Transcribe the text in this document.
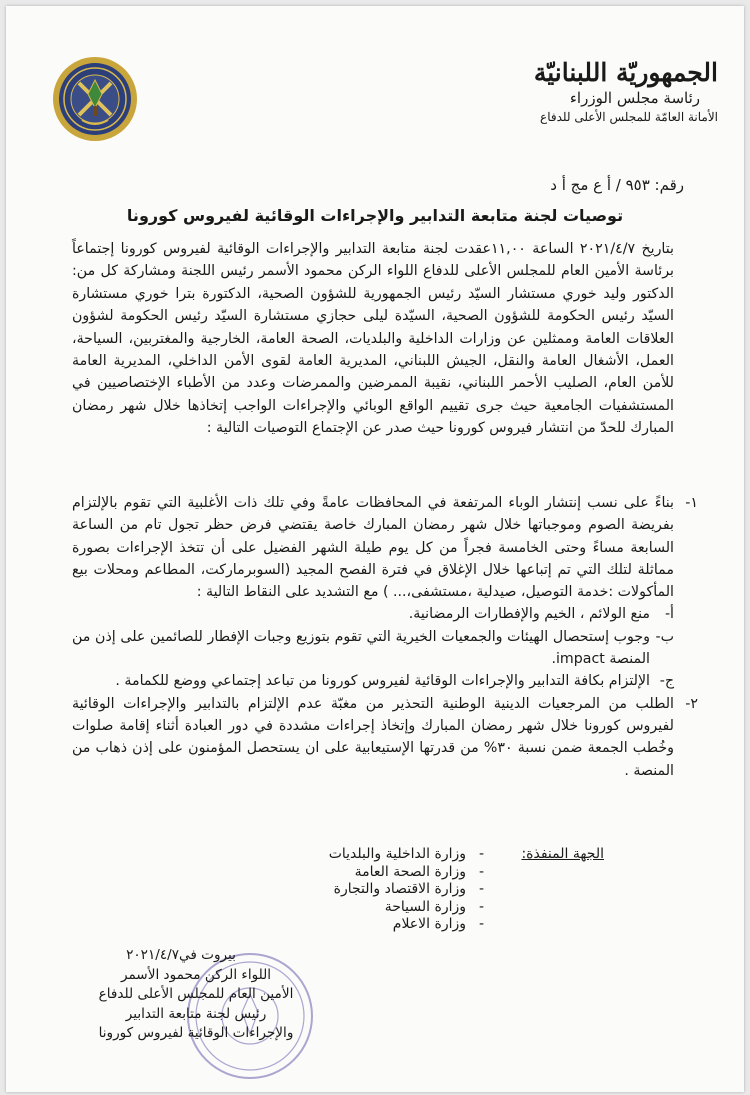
الجمهوريّة اللبنانيّة
رئاسة مجلس الوزراء
الأمانة العامّة للمجلس الأعلى للدفاع
رقم: ٩٥٣ / أ ع مج أ د
توصيات لجنة متابعة التدابير والإجراءات الوقائية لفيروس كورونا
بتاريخ ٢٠٢١/٤/٧ الساعة ١١,٠٠عقدت لجنة متابعة التدابير والإجراءات الوقائية لفيروس كورونا إجتماعاً برئاسة الأمين العام للمجلس الأعلى للدفاع اللواء الركن محمود الأسمر رئيس اللجنة ومشاركة كل من: الدكتور وليد خوري مستشار السيّد رئيس الجمهورية للشؤون الصحية، الدكتورة بترا خوري مستشارة السيّد رئيس الحكومة للشؤون الصحية، السيّدة ليلى حجازي مستشارة السيّد رئيس الحكومة لشؤون العلاقات العامة وممثلين عن وزارات الداخلية والبلديات، الصحة العامة، الخارجية والمغتربين، السياحة، العمل، الأشغال العامة والنقل، الجيش اللبناني، المديرية العامة لقوى الأمن الداخلي، المديرية العامة للأمن العام، الصليب الأحمر اللبناني، نقيبة الممرضين والممرضات وعدد من الأطباء الإختصاصيين في المستشفيات الجامعية حيث جرى تقييم الواقع الوبائي والإجراءات الواجب إتخاذها خلال شهر رمضان المبارك للحدّ من انتشار فيروس كورونا حيث صدر عن الإجتماع التوصيات التالية :
١-
بناءً على نسب إنتشار الوباء المرتفعة في المحافظات عامةً وفي تلك ذات الأغلبية التي تقوم بالإلتزام بفريضة الصوم وموجباتها خلال شهر رمضان المبارك خاصة يقتضي فرض حظر تجول تام من الساعة السابعة مساءً وحتى الخامسة فجراً من كل يوم طيلة الشهر الفضيل على أن تتخذ الإجراءات بصورة مماثلة لتلك التي تم إتباعها خلال الإغلاق في فترة الفصح المجيد (السوبرماركت، المطاعم ومحلات بيع المأكولات :خدمة التوصيل، صيدلية ،مستشفى،... ) مع التشديد على النقاط التالية :
أ-
منع الولائم ، الخيم والإفطارات الرمضانية.
ب-
وجوب إستحصال الهيئات والجمعيات الخيرية التي تقوم بتوزيع وجبات الإفطار للصائمين على إذن من المنصة impact.
ج-
الإلتزام بكافة التدابير والإجراءات الوقائية لفيروس كورونا من تباعد إجتماعي ووضع للكمامة .
٢-
الطلب من المرجعيات الدينية الوطنية التحذير من مغبّة عدم الإلتزام بالتدابير والإجراءات الوقائية لفيروس كورونا خلال شهر رمضان المبارك وإتخاذ إجراءات مشددة في دور العبادة أثناء إقامة صلوات وخُطب الجمعة ضمن نسبة ٣٠% من قدرتها الإستيعابية على ان يستحصل المؤمنون على إذن ذهاب من المنصة .
الجهة المنفذة:
-وزارة الداخلية والبلديات
-وزارة الصحة العامة
-وزارة الاقتصاد والتجارة
-وزارة السياحة
-وزارة الاعلام
بيروت في٢٠٢١/٤/٧
اللواء الركن محمود الأسمر
الأمين العام للمجلس الأعلى للدفاع
رئيس لجنة متابعة التدابير
والإجراءات الوقائية لفيروس كورونا
